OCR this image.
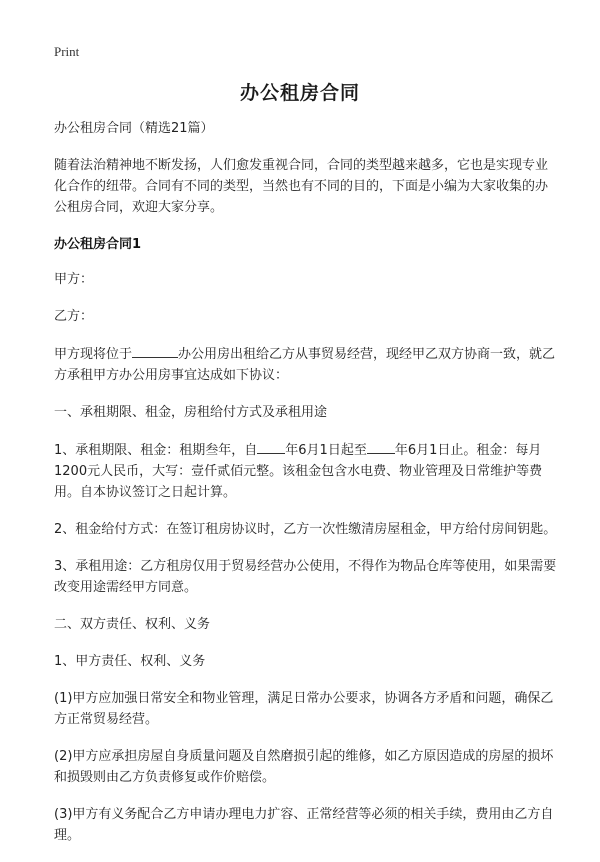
Print
办公租房合同

办公租房合同（精选21篇）

随着法治精神地不断发扬，人们愈发重视合同，合同的类型越来越多，它也是实现专业化合作的纽带。合同有不同的类型，当然也有不同的目的，下面是小编为大家收集的办公租房合同，欢迎大家分享。

办公租房合同1

甲方：

乙方：

甲方现将位于	办公用房出租给乙方从事贸易经营，现经甲乙双方协商一致，就乙方承租甲方办公用房事宜达成如下协议：

一、承租期限、租金，房租给付方式及承租用途

1、承租期限、租金：租期叁年，自 年6月1日起至 年6月1日止。租金：每月1200元人民币，大写：壹仟贰佰元整。该租金包含水电费、物业管理及日常维护等费用。自本协议签订之日起计算。

2、租金给付方式：在签订租房协议时，乙方一次性缴清房屋租金，甲方给付房间钥匙。

3、承租用途：乙方租房仅用于贸易经营办公使用，不得作为物品仓库等使用，如果需要改变用途需经甲方同意。

二、双方责任、权利、义务

1、甲方责任、权利、义务

(1)甲方应加强日常安全和物业管理，满足日常办公要求，协调各方矛盾和问题，确保乙方正常贸易经营。

(2)甲方应承担房屋自身质量问题及自然磨损引起的维修，如乙方原因造成的房屋的损坏和损毁则由乙方负责修复或作价赔偿。

(3)甲方有义务配合乙方申请办理电力扩容、正常经营等必须的相关手续，费用由乙方自理。
